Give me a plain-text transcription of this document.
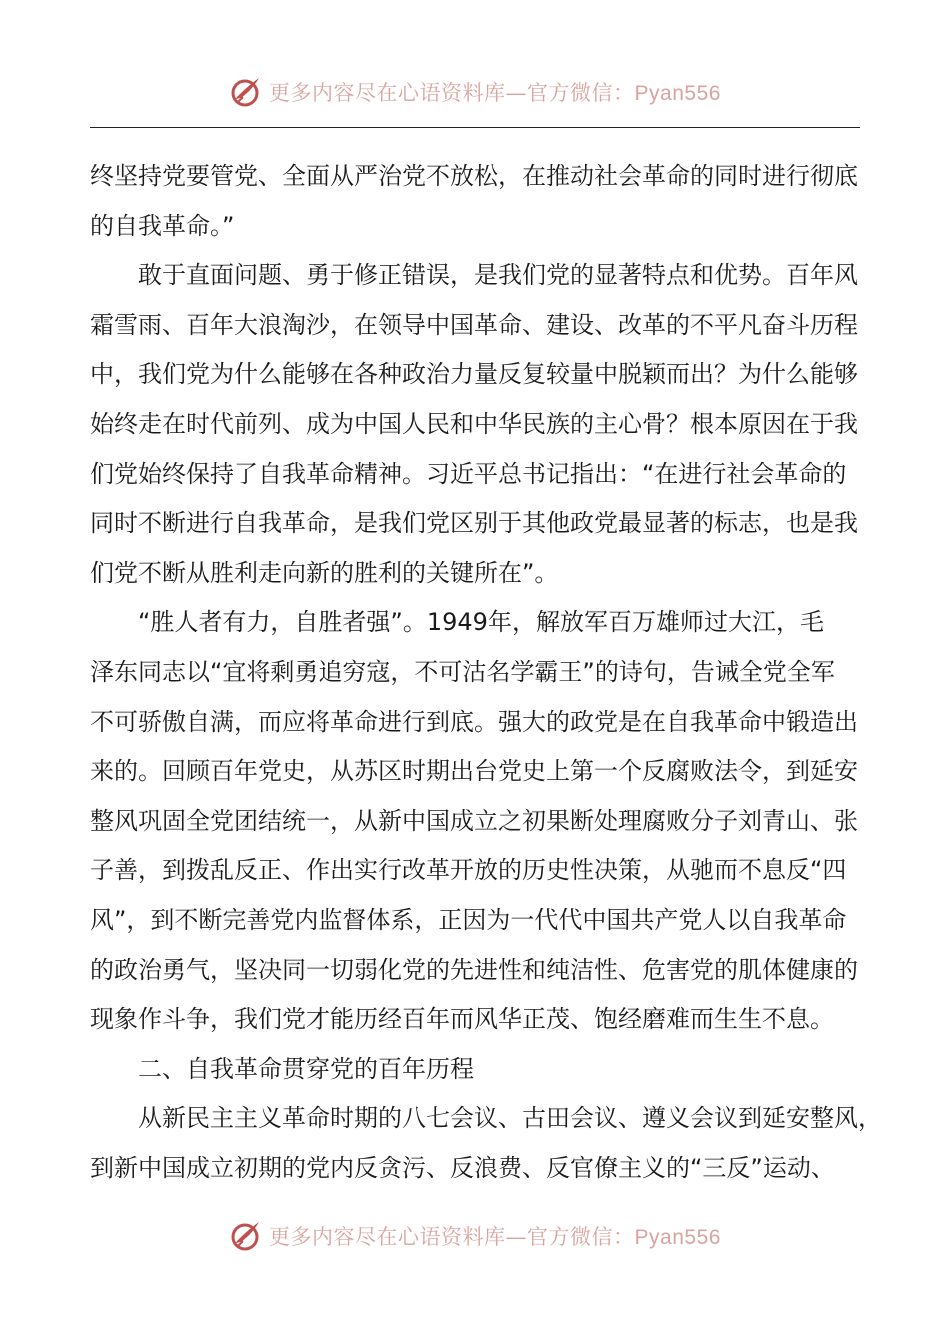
更多内容尽在心语资料库—官方微信：Pyan556
终坚持党要管党、全面从严治党不放松，在推动社会革命的同时进行彻底
的自我革命。”
敢于直面问题、勇于修正错误，是我们党的显著特点和优势。百年风
霜雪雨、百年大浪淘沙，在领导中国革命、建设、改革的不平凡奋斗历程
中，我们党为什么能够在各种政治力量反复较量中脱颖而出？为什么能够
始终走在时代前列、成为中国人民和中华民族的主心骨？根本原因在于我
们党始终保持了自我革命精神。习近平总书记指出：“在进行社会革命的
同时不断进行自我革命，是我们党区别于其他政党最显著的标志，也是我
们党不断从胜利走向新的胜利的关键所在”。
“胜人者有力，自胜者强”。1949年，解放军百万雄师过大江，毛
泽东同志以“宜将剩勇追穷寇，不可沽名学霸王”的诗句，告诫全党全军
不可骄傲自满，而应将革命进行到底。强大的政党是在自我革命中锻造出
来的。回顾百年党史，从苏区时期出台党史上第一个反腐败法令，到延安
整风巩固全党团结统一，从新中国成立之初果断处理腐败分子刘青山、张
子善，到拨乱反正、作出实行改革开放的历史性决策，从驰而不息反“四
风”，到不断完善党内监督体系，正因为一代代中国共产党人以自我革命
的政治勇气，坚决同一切弱化党的先进性和纯洁性、危害党的肌体健康的
现象作斗争，我们党才能历经百年而风华正茂、饱经磨难而生生不息。
二、自我革命贯穿党的百年历程
从新民主主义革命时期的八七会议、古田会议、遵义会议到延安整风，
到新中国成立初期的党内反贪污、反浪费、反官僚主义的“三反”运动、
更多内容尽在心语资料库—官方微信：Pyan556
